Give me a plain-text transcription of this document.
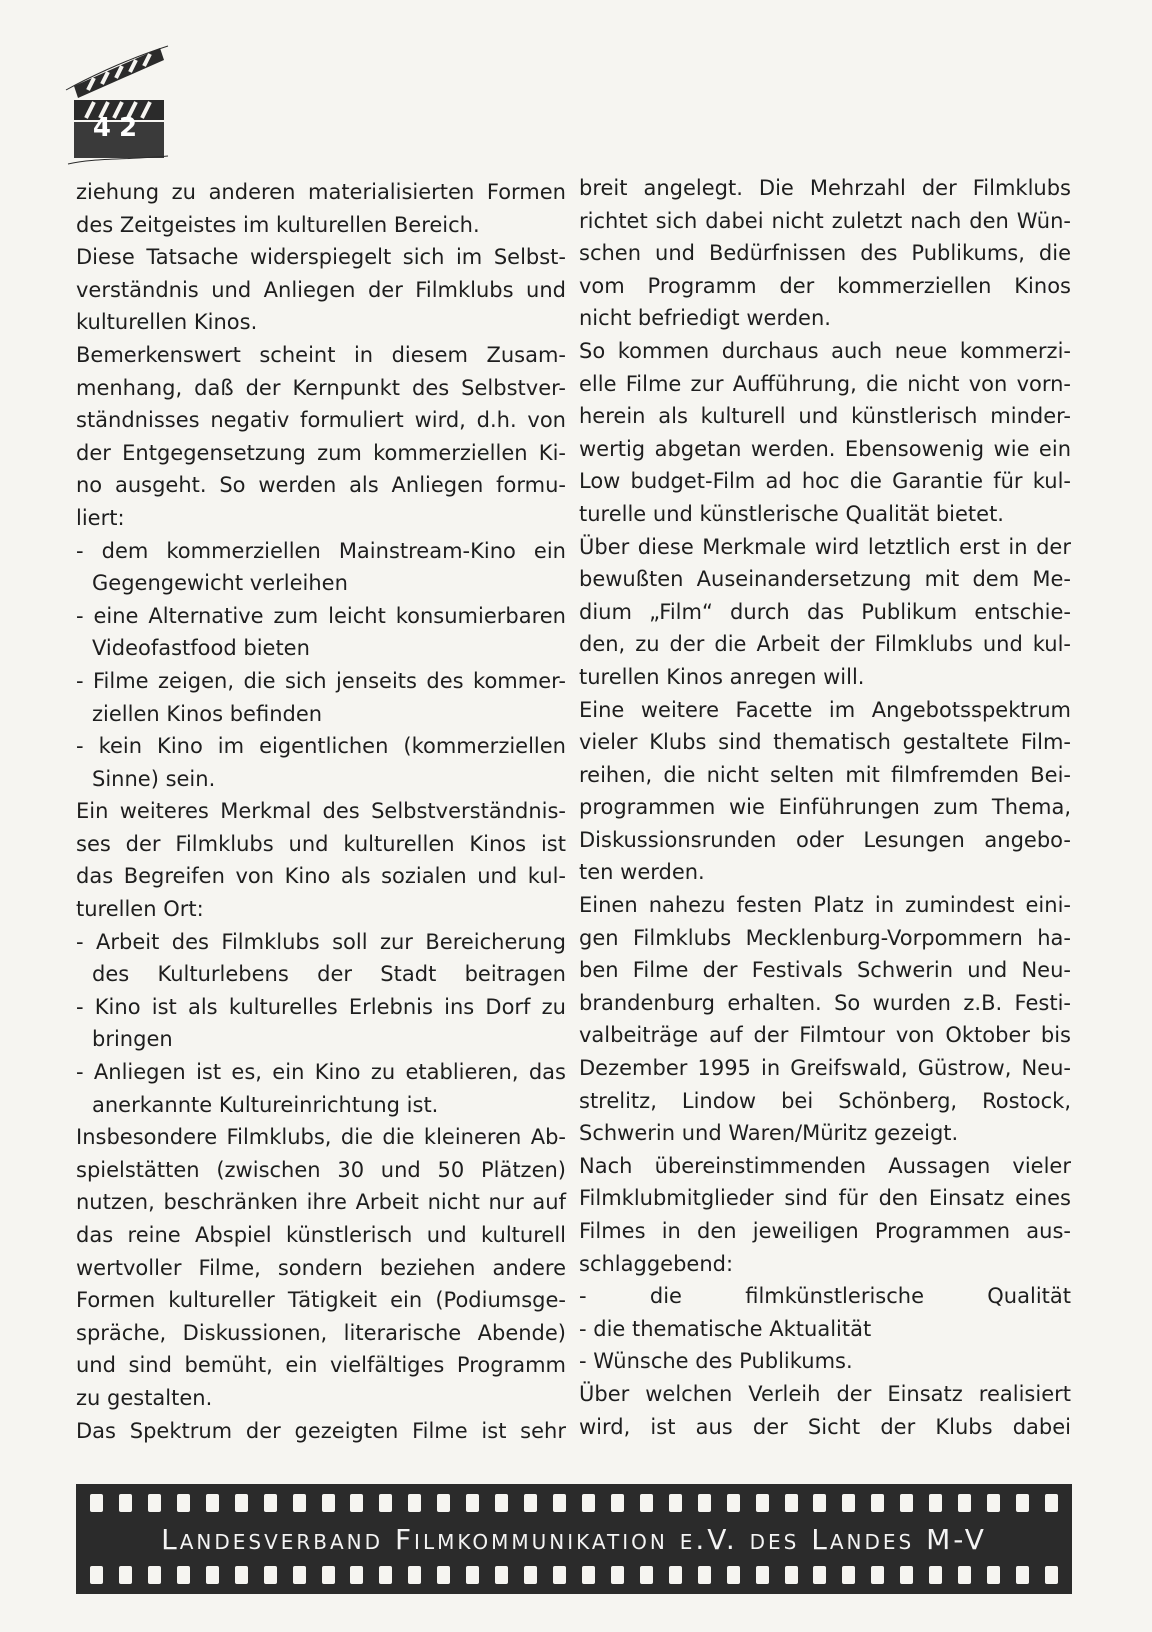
42
ziehung zu anderen materialisierten Formen
des Zeitgeistes im kulturellen Bereich.
Diese Tatsache widerspiegelt sich im Selbst-
verständnis und Anliegen der Filmklubs und
kulturellen Kinos.
Bemerkenswert scheint in diesem Zusam-
menhang, daß der Kernpunkt des Selbstver-
ständnisses negativ formuliert wird, d.h. von
der Entgegensetzung zum kommerziellen Ki-
no ausgeht. So werden als Anliegen formu-
liert:
- dem kommerziellen Mainstream-Kino ein
Gegengewicht verleihen
- eine Alternative zum leicht konsumierbaren
Videofastfood bieten
- Filme zeigen, die sich jenseits des kommer-
ziellen Kinos befinden
- kein Kino im eigentlichen (kommerziellen
Sinne) sein.
Ein weiteres Merkmal des Selbstverständnis-
ses der Filmklubs und kulturellen Kinos ist
das Begreifen von Kino als sozialen und kul-
turellen Ort:
- Arbeit des Filmklubs soll zur Bereicherung
des Kulturlebens der Stadt beitragen
- Kino ist als kulturelles Erlebnis ins Dorf zu
bringen
- Anliegen ist es, ein Kino zu etablieren, das
anerkannte Kultureinrichtung ist.
Insbesondere Filmklubs, die die kleineren Ab-
spielstätten (zwischen 30 und 50 Plätzen)
nutzen, beschränken ihre Arbeit nicht nur auf
das reine Abspiel künstlerisch und kulturell
wertvoller Filme, sondern beziehen andere
Formen kultureller Tätigkeit ein (Podiumsge-
spräche, Diskussionen, literarische Abende)
und sind bemüht, ein vielfältiges Programm
zu gestalten.
Das Spektrum der gezeigten Filme ist sehr
breit angelegt. Die Mehrzahl der Filmklubs
richtet sich dabei nicht zuletzt nach den Wün-
schen und Bedürfnissen des Publikums, die
vom Programm der kommerziellen Kinos
nicht befriedigt werden.
So kommen durchaus auch neue kommerzi-
elle Filme zur Aufführung, die nicht von vorn-
herein als kulturell und künstlerisch minder-
wertig abgetan werden. Ebensowenig wie ein
Low budget-Film ad hoc die Garantie für kul-
turelle und künstlerische Qualität bietet.
Über diese Merkmale wird letztlich erst in der
bewußten Auseinandersetzung mit dem Me-
dium „Film“ durch das Publikum entschie-
den, zu der die Arbeit der Filmklubs und kul-
turellen Kinos anregen will.
Eine weitere Facette im Angebotsspektrum
vieler Klubs sind thematisch gestaltete Film-
reihen, die nicht selten mit filmfremden Bei-
programmen wie Einführungen zum Thema,
Diskussionsrunden oder Lesungen angebo-
ten werden.
Einen nahezu festen Platz in zumindest eini-
gen Filmklubs Mecklenburg-Vorpommern ha-
ben Filme der Festivals Schwerin und Neu-
brandenburg erhalten. So wurden z.B. Festi-
valbeiträge auf der Filmtour von Oktober bis
Dezember 1995 in Greifswald, Güstrow, Neu-
strelitz, Lindow bei Schönberg, Rostock,
Schwerin und Waren/Müritz gezeigt.
Nach übereinstimmenden Aussagen vieler
Filmklubmitglieder sind für den Einsatz eines
Filmes in den jeweiligen Programmen aus-
schlaggebend:
- die filmkünstlerische Qualität
- die thematische Aktualität
- Wünsche des Publikums.
Über welchen Verleih der Einsatz realisiert
wird, ist aus der Sicht der Klubs dabei
Landesverband Filmkommunikation e.V. des Landes M-V
